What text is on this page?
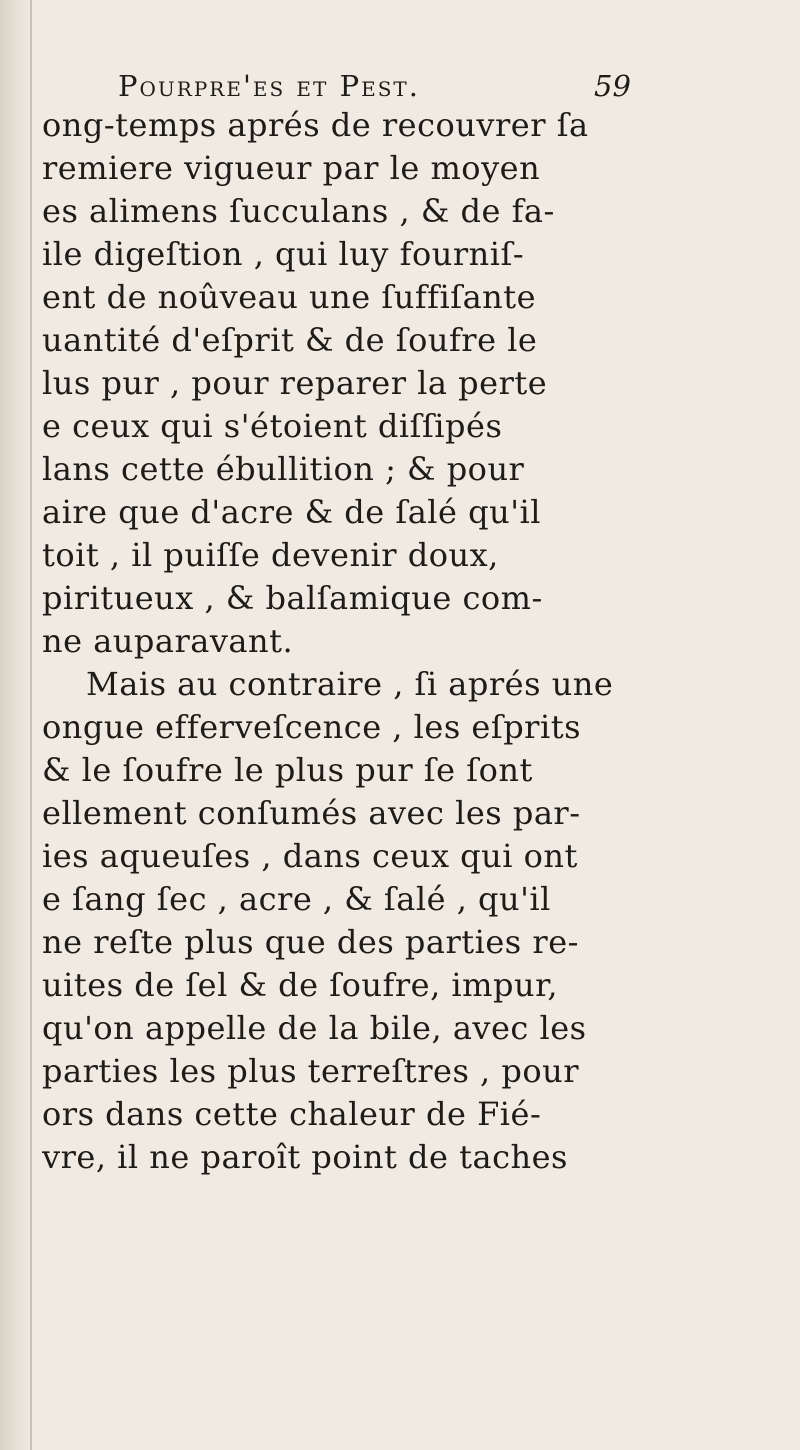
Pourpre'es et Pest.	59
ong-temps aprés de recouvrer ſa
remiere vigueur par le moyen
es alimens ſucculans , & de fa-
ile digeſtion , qui luy fourniſ-
ent de noûveau une ſuffiſante
uantité d'eſprit & de ſoufre le
lus pur , pour reparer la perte
e ceux qui s'étoient diſſipés
lans cette ébullition ; & pour
aire que d'acre & de ſalé qu'il
toit , il puiſſe devenir doux,
piritueux , & balſamique com-
ne auparavant.
Mais au contraire , ſi aprés une
ongue efferveſcence , les eſprits
& le ſoufre le plus pur ſe ſont
ellement conſumés avec les par-
ies aqueuſes , dans ceux qui ont
e ſang ſec , acre , & ſalé , qu'il
ne reſte plus que des parties re-
uites de ſel & de ſoufre, impur,
qu'on appelle de la bile, avec les
parties les plus terreſtres , pour
ors dans cette chaleur de Fié-
vre, il ne paroît point de taches
